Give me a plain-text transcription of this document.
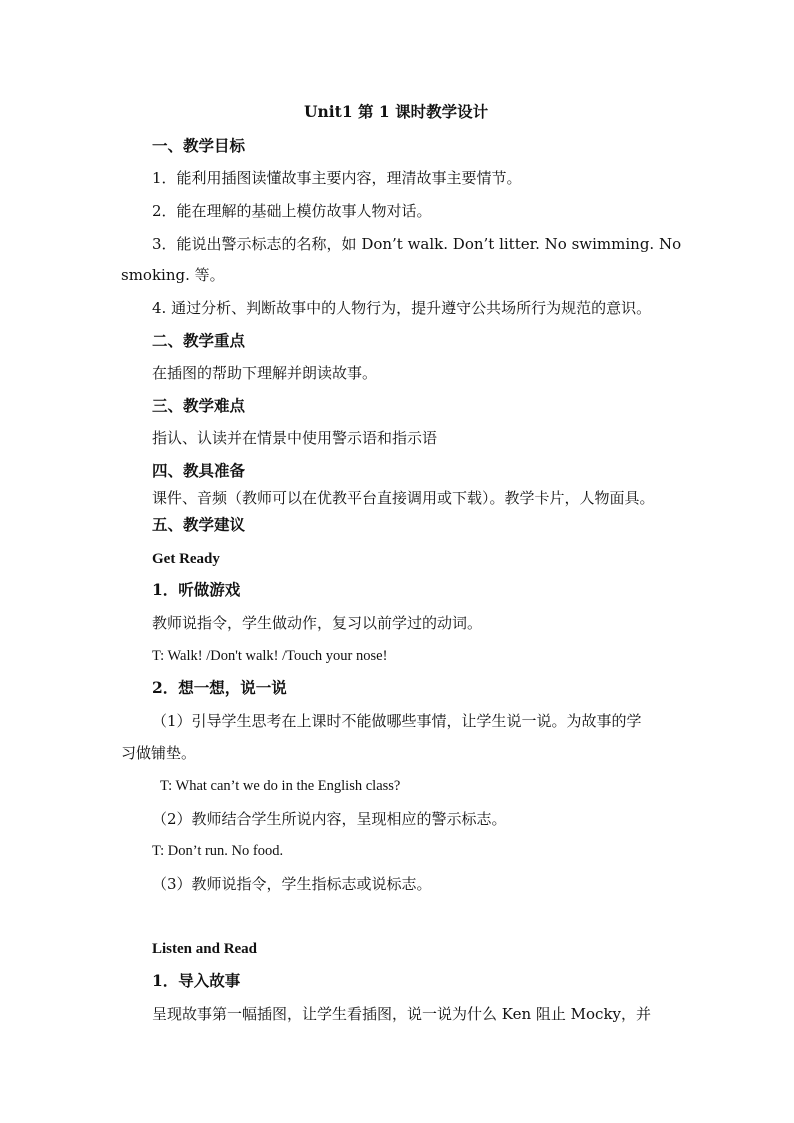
Unit1 第 1 课时教学设计
一、教学目标
1．能利用插图读懂故事主要内容，理清故事主要情节。
2．能在理解的基础上模仿故事人物对话。
3．能说出警示标志的名称，如 Don’t walk. Don’t litter. No swimming. No
smoking. 等。
4. 通过分析、判断故事中的人物行为，提升遵守公共场所行为规范的意识。
二、教学重点
在插图的帮助下理解并朗读故事。
三、教学难点
指认、认读并在情景中使用警示语和指示语
四、教具准备
课件、音频（教师可以在优教平台直接调用或下载）。教学卡片，人物面具。
五、教学建议
Get Ready
1．听做游戏
教师说指令，学生做动作，复习以前学过的动词。
T: Walk! /Don't walk! /Touch your nose!
2．想一想，说一说
（1）引导学生思考在上课时不能做哪些事情，让学生说一说。为故事的学
习做铺垫。
T: What can’t we do in the English class?
（2）教师结合学生所说内容，呈现相应的警示标志。
T: Don’t run. No food.
（3）教师说指令，学生指标志或说标志。
Listen and Read
1．导入故事
呈现故事第一幅插图，让学生看插图，说一说为什么 Ken 阻止 Mocky，并
